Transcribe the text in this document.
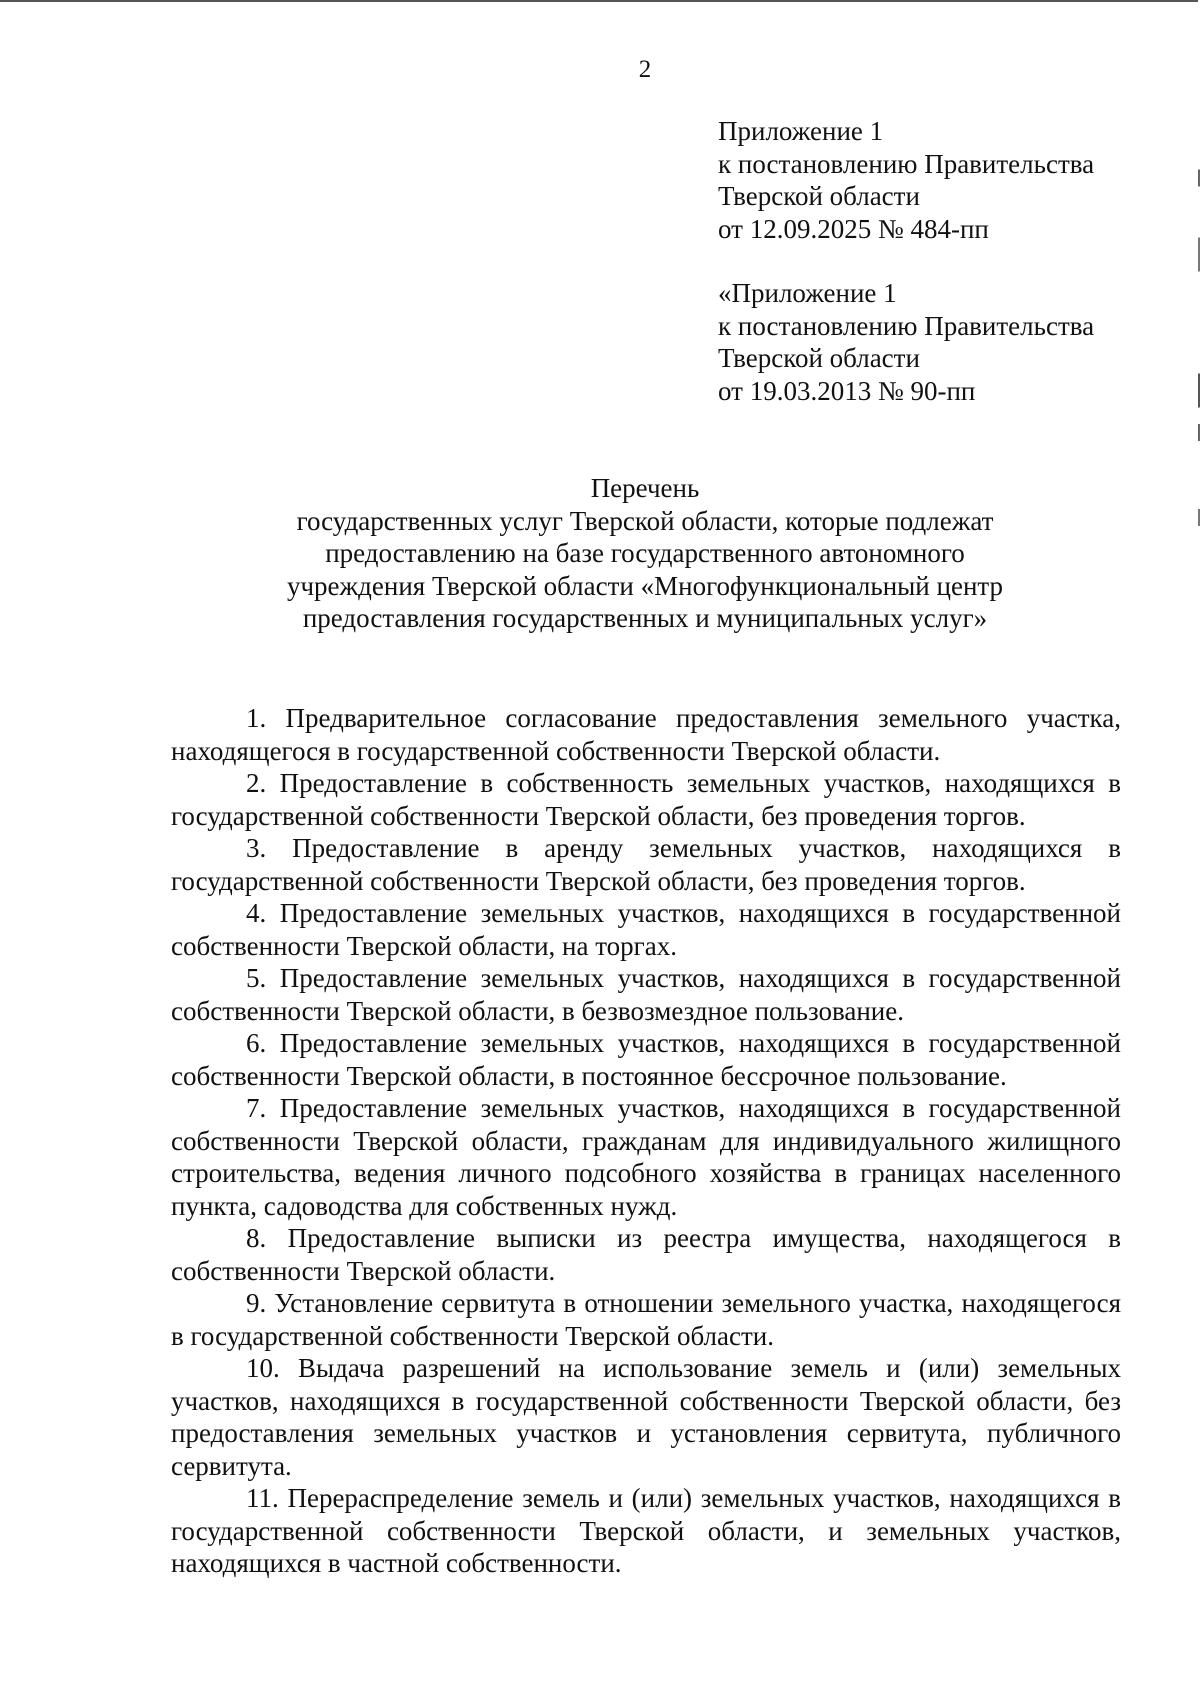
2
Приложение 1
к постановлению Правительства
Тверской области
от 12.09.2025 № 484-пп
«Приложение 1
к постановлению Правительства
Тверской области
от 19.03.2013 № 90-пп
Перечень
государственных услуг Тверской области, которые подлежат
предоставлению на базе государственного автономного
учреждения Тверской области «Многофункциональный центр
предоставления государственных и муниципальных услуг»

1. Предварительное согласование предоставления земельного участка, находящегося в государственной собственности Тверской области.

2. Предоставление в собственность земельных участков, находящихся в государственной собственности Тверской области, без проведения торгов.

3. Предоставление в аренду земельных участков, находящихся в государственной собственности Тверской области, без проведения торгов.

4. Предоставление земельных участков, находящихся в государственной собственности Тверской области, на торгах.

5. Предоставление земельных участков, находящихся в государственной собственности Тверской области, в безвозмездное пользование.

6. Предоставление земельных участков, находящихся в государственной собственности Тверской области, в постоянное бессрочное пользование.

7. Предоставление земельных участков, находящихся в государственной собственности Тверской области, гражданам для индивидуального жилищного строительства, ведения личного подсобного хозяйства в границах населенного пункта, садоводства для собственных нужд.

8. Предоставление выписки из реестра имущества, находящегося в собственности Тверской области.

9. Установление сервитута в отношении земельного участка, находящегося в государственной собственности Тверской области.

10. Выдача разрешений на использование земель и (или) земельных участков, находящихся в государственной собственности Тверской области, без предоставления земельных участков и установления сервитута, публичного сервитута.

11. Перераспределение земель и (или) земельных участков, находящихся в государственной собственности Тверской области, и земельных участков, находящихся в частной собственности.
